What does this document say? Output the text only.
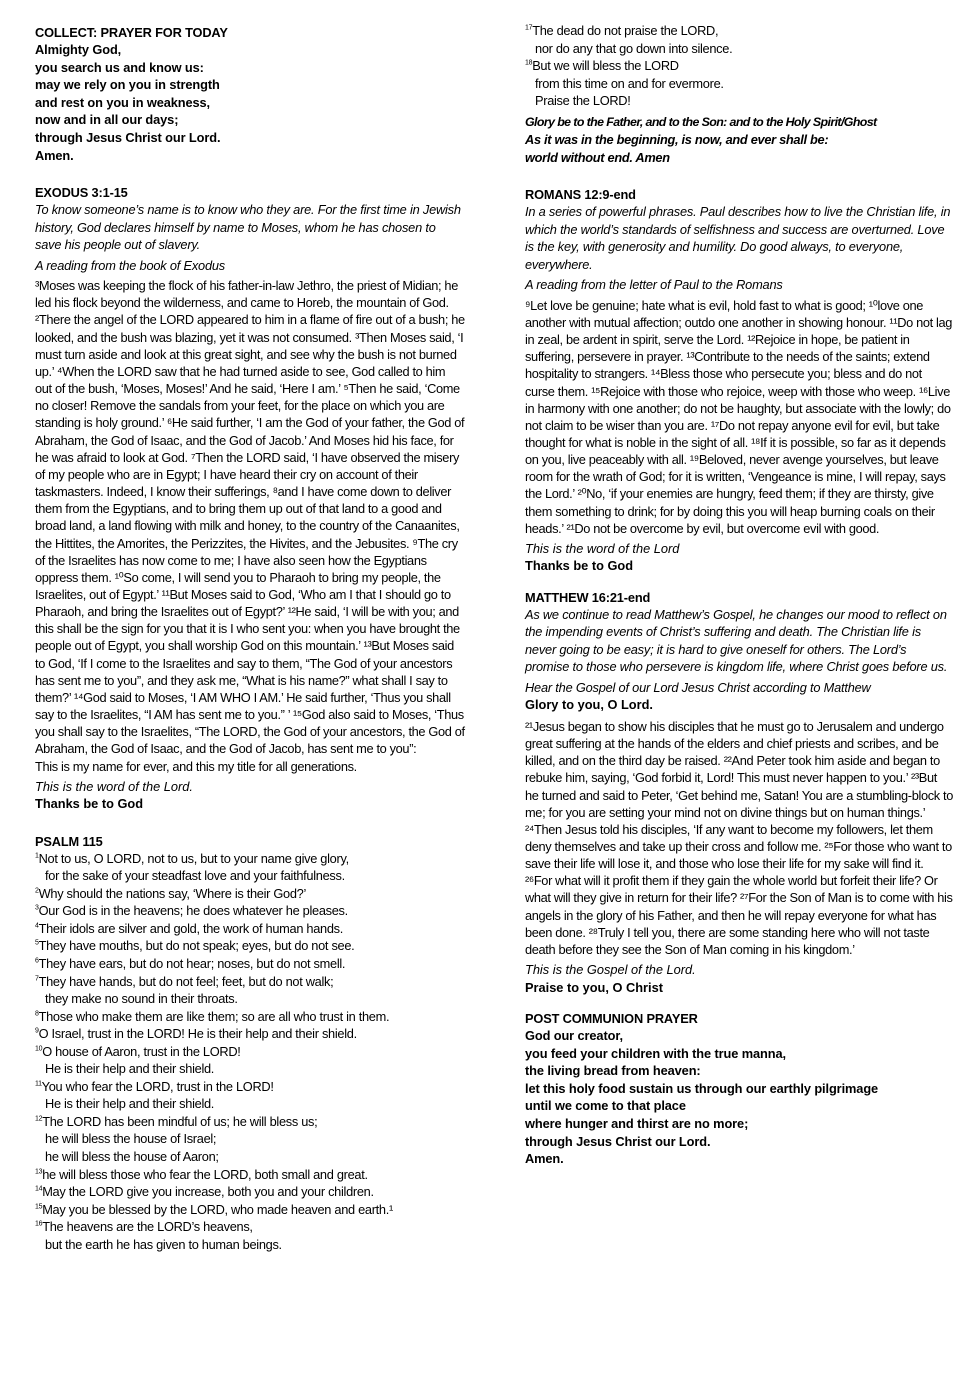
COLLECT: PRAYER FOR TODAY
Almighty God,
you search us and know us:
may we rely on you in strength
and rest on you in weakness,
now and in all our days;
through Jesus Christ our Lord.
Amen.
EXODUS 3:1-15

To know someone’s name is to know who they are. For the first time in Jewish history, God declares himself by name to Moses, whom he has chosen to save his people out of slavery.

A reading from the book of Exodus

³Moses was keeping the flock of his father-in-law Jethro, the priest of Midian; he led his flock beyond the wilderness, and came to Horeb, the mountain of God. ²There the angel of the LORD appeared to him in a flame of fire out of a bush; he looked, and the bush was blazing, yet it was not consumed. ³Then Moses said, ‘I must turn aside and look at this great sight, and see why the bush is not burned up.’ ⁴When the LORD saw that he had turned aside to see, God called to him out of the bush, ‘Moses, Moses!’ And he said, ‘Here I am.’ ⁵Then he said, ‘Come no closer! Remove the sandals from your feet, for the place on which you are standing is holy ground.’ ⁶He said further, ‘I am the God of your father, the God of Abraham, the God of Isaac, and the God of Jacob.’ And Moses hid his face, for he was afraid to look at God. ⁷Then the LORD said, ‘I have observed the misery of my people who are in Egypt; I have heard their cry on account of their taskmasters. Indeed, I know their sufferings, ⁸and I have come down to deliver them from the Egyptians, and to bring them up out of that land to a good and broad land, a land flowing with milk and honey, to the country of the Canaanites, the Hittites, the Amorites, the Perizzites, the Hivites, and the Jebusites. ⁹The cry of the Israelites has now come to me; I have also seen how the Egyptians oppress them. ¹⁰So come, I will send you to Pharaoh to bring my people, the Israelites, out of Egypt.’ ¹¹But Moses said to God, ‘Who am I that I should go to Pharaoh, and bring the Israelites out of Egypt?’ ¹²He said, ‘I will be with you; and this shall be the sign for you that it is I who sent you: when you have brought the people out of Egypt, you shall worship God on this mountain.’ ¹³But Moses said to God, ‘If I come to the Israelites and say to them, “The God of your ancestors has sent me to you”, and they ask me, “What is his name?” what shall I say to them?’ ¹⁴God said to Moses, ‘I AM WHO I AM.’ He said further, ‘Thus you shall say to the Israelites, “I AM has sent me to you.” ’ ¹⁵God also said to Moses, ‘Thus you shall say to the Israelites, “The LORD, the God of your ancestors, the God of Abraham, the God of Isaac, and the God of Jacob, has sent me to you”:

This is my name for ever, and this my title for all generations.

This is the word of the Lord.

Thanks be to God

PSALM 115
$^1$Not to us, O LORD, not to us, but to your name give glory,
for the sake of your steadfast love and your faithfulness.
$^2$Why should the nations say, ‘Where is their God?’
$^3$Our God is in the heavens; he does whatever he pleases.
$^4$Their idols are silver and gold, the work of human hands.
$^5$They have mouths, but do not speak; eyes, but do not see.
$^6$They have ears, but do not hear; noses, but do not smell.
$^7$They have hands, but do not feel; feet, but do not walk;
they make no sound in their throats.
$^8$Those who make them are like them; so are all who trust in them.
$^9$O Israel, trust in the LORD! He is their help and their shield.
$^{10}$O house of Aaron, trust in the LORD!
He is their help and their shield.
$^{11}$You who fear the LORD, trust in the LORD!
He is their help and their shield.
$^{12}$The LORD has been mindful of us; he will bless us;
he will bless the house of Israel;
he will bless the house of Aaron;
$^{13}$he will bless those who fear the LORD, both small and great.
$^{14}$May the LORD give you increase, both you and your children.
$^{15}$May you be blessed by the LORD, who made heaven and earth.¹
$^{16}$The heavens are the LORD’s heavens,
but the earth he has given to human beings.
$^{17}$The dead do not praise the LORD,
nor do any that go down into silence.
$^{18}$But we will bless the LORD
from this time on and for evermore.
Praise the LORD!
Glory be to the Father, and to the Son: and to the Holy Spirit/Ghost
As it was in the beginning, is now, and ever shall be:
world without end. Amen
ROMANS 12:9-end

In a series of powerful phrases. Paul describes how to live the Christian life, in which the world’s standards of selfishness and success are overturned. Love is the key, with generosity and humility. Do good always, to everyone, everywhere.

A reading from the letter of Paul to the Romans

⁹Let love be genuine; hate what is evil, hold fast to what is good; ¹⁰love one another with mutual affection; outdo one another in showing honour. ¹¹Do not lag in zeal, be ardent in spirit, serve the Lord. ¹²Rejoice in hope, be patient in suffering, persevere in prayer. ¹³Contribute to the needs of the saints; extend hospitality to strangers. ¹⁴Bless those who persecute you; bless and do not curse them. ¹⁵Rejoice with those who rejoice, weep with those who weep. ¹⁶Live in harmony with one another; do not be haughty, but associate with the lowly; do not claim to be wiser than you are. ¹⁷Do not repay anyone evil for evil, but take thought for what is noble in the sight of all. ¹⁸If it is possible, so far as it depends on you, live peaceably with all. ¹⁹Beloved, never avenge yourselves, but leave room for the wrath of God; for it is written, ‘Vengeance is mine, I will repay, says the Lord.’ ²⁰No, ‘if your enemies are hungry, feed them; if they are thirsty, give them something to drink; for by doing this you will heap burning coals on their heads.’ ²¹Do not be overcome by evil, but overcome evil with good.

This is the word of the Lord

Thanks be to God

MATTHEW 16:21-end

As we continue to read Matthew’s Gospel, he changes our mood to reflect on the impending events of Christ’s suffering and death. The Christian life is never going to be easy; it is hard to give oneself for others. The Lord’s promise to those who persevere is kingdom life, where Christ goes before us.

Hear the Gospel of our Lord Jesus Christ according to Matthew

Glory to you, O Lord.

²¹Jesus began to show his disciples that he must go to Jerusalem and undergo great suffering at the hands of the elders and chief priests and scribes, and be killed, and on the third day be raised. ²²And Peter took him aside and began to rebuke him, saying, ‘God forbid it, Lord! This must never happen to you.’ ²³But he turned and said to Peter, ‘Get behind me, Satan! You are a stumbling-block to me; for you are setting your mind not on divine things but on human things.’ ²⁴Then Jesus told his disciples, ‘If any want to become my followers, let them deny themselves and take up their cross and follow me. ²⁵For those who want to save their life will lose it, and those who lose their life for my sake will find it. ²⁶For what will it profit them if they gain the whole world but forfeit their life? Or what will they give in return for their life? ²⁷For the Son of Man is to come with his angels in the glory of his Father, and then he will repay everyone for what has been done. ²⁸Truly I tell you, there are some standing here who will not taste death before they see the Son of Man coming in his kingdom.’

This is the Gospel of the Lord.

Praise to you, O Christ

POST COMMUNION PRAYER
God our creator,
you feed your children with the true manna,
the living bread from heaven:
let this holy food sustain us through our earthly pilgrimage
until we come to that place
where hunger and thirst are no more;
through Jesus Christ our Lord.
Amen.
